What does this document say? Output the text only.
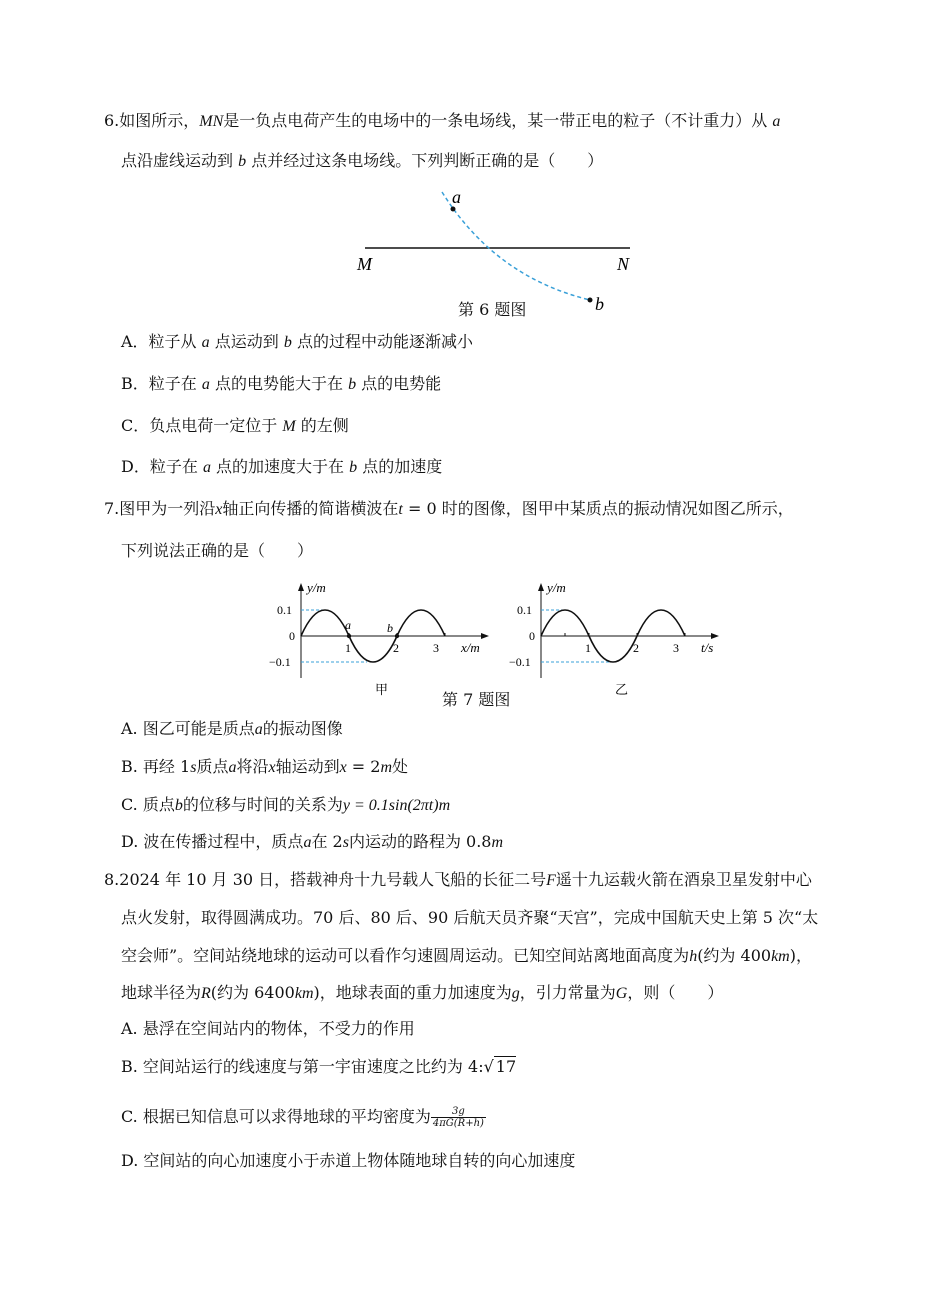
6.如图所示，MN是一负点电荷产生的电场中的一条电场线，某一带正电的粒子（不计重力）从 a
点沿虚线运动到 b 点并经过这条电场线。下列判断正确的是（　　）
a
b
M	N
第 6 题图
A．粒子从 a 点运动到 b 点的过程中动能逐渐减小
B．粒子在 a 点的电势能大于在 b 点的电势能
C．负点电荷一定位于 M 的左侧
D．粒子在 a 点的加速度大于在 b 点的加速度
7.图甲为一列沿x轴正向传播的简谐横波在t = 0 时的图像，图甲中某质点的振动情况如图乙所示，
下列说法正确的是（　　）
y/m
x/m
0.1
0
−0.1
1	2	3
a	b
甲
y/m
t/s
0.1
0
−0.1
1	2	3
乙
第 7 题图
A. 图乙可能是质点a的振动图像
B. 再经 1s质点a将沿x轴运动到x = 2m处
C. 质点b的位移与时间的关系为y = 0.1sin(2πt)m
D. 波在传播过程中，质点a在 2s内运动的路程为 0.8m
8.2024 年 10 月 30 日，搭载神舟十九号载人飞船的长征二号F遥十九运载火箭在酒泉卫星发射中心
点火发射，取得圆满成功。70 后、80 后、90 后航天员齐聚“天宫”，完成中国航天史上第 5 次“太
空会师”。空间站绕地球的运动可以看作匀速圆周运动。已知空间站离地面高度为h(约为 400km)，
地球半径为R(约为 6400km)，地球表面的重力加速度为g，引力常量为G，则（　　）
A. 悬浮在空间站内的物体，不受力的作用
B. 空间站运行的线速度与第一宇宙速度之比约为 4:√ 17
C. 根据已知信息可以求得地球的平均密度为 $\frac{3g}{4\pi G(R+h)}$
D. 空间站的向心加速度小于赤道上物体随地球自转的向心加速度
